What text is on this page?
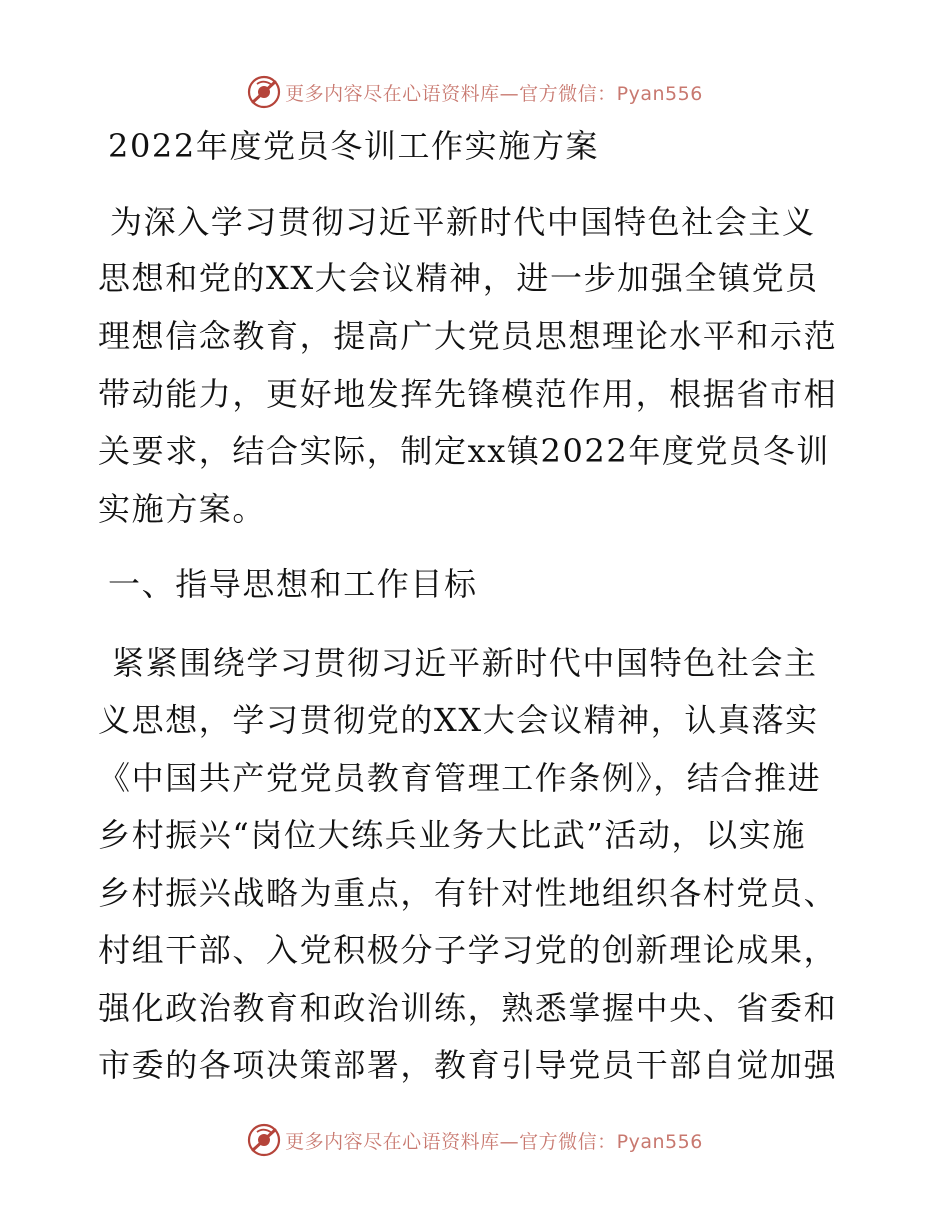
更多内容尽在心语资料库—官方微信：Pyan556
2022年度党员冬训工作实施方案
为深入学习贯彻习近平新时代中国特色社会主义
思想和党的XX大会议精神，进一步加强全镇党员
理想信念教育，提高广大党员思想理论水平和示范
带动能力，更好地发挥先锋模范作用，根据省市相
关要求，结合实际，制定xx镇2022年度党员冬训
实施方案。
一、指导思想和工作目标
紧紧围绕学习贯彻习近平新时代中国特色社会主
义思想，学习贯彻党的XX大会议精神，认真落实
《中国共产党党员教育管理工作条例》，结合推进
乡村振兴“岗位大练兵业务大比武”活动，以实施
乡村振兴战略为重点，有针对性地组织各村党员、
村组干部、入党积极分子学习党的创新理论成果，
强化政治教育和政治训练，熟悉掌握中央、省委和
市委的各项决策部署，教育引导党员干部自觉加强
更多内容尽在心语资料库—官方微信：Pyan556
